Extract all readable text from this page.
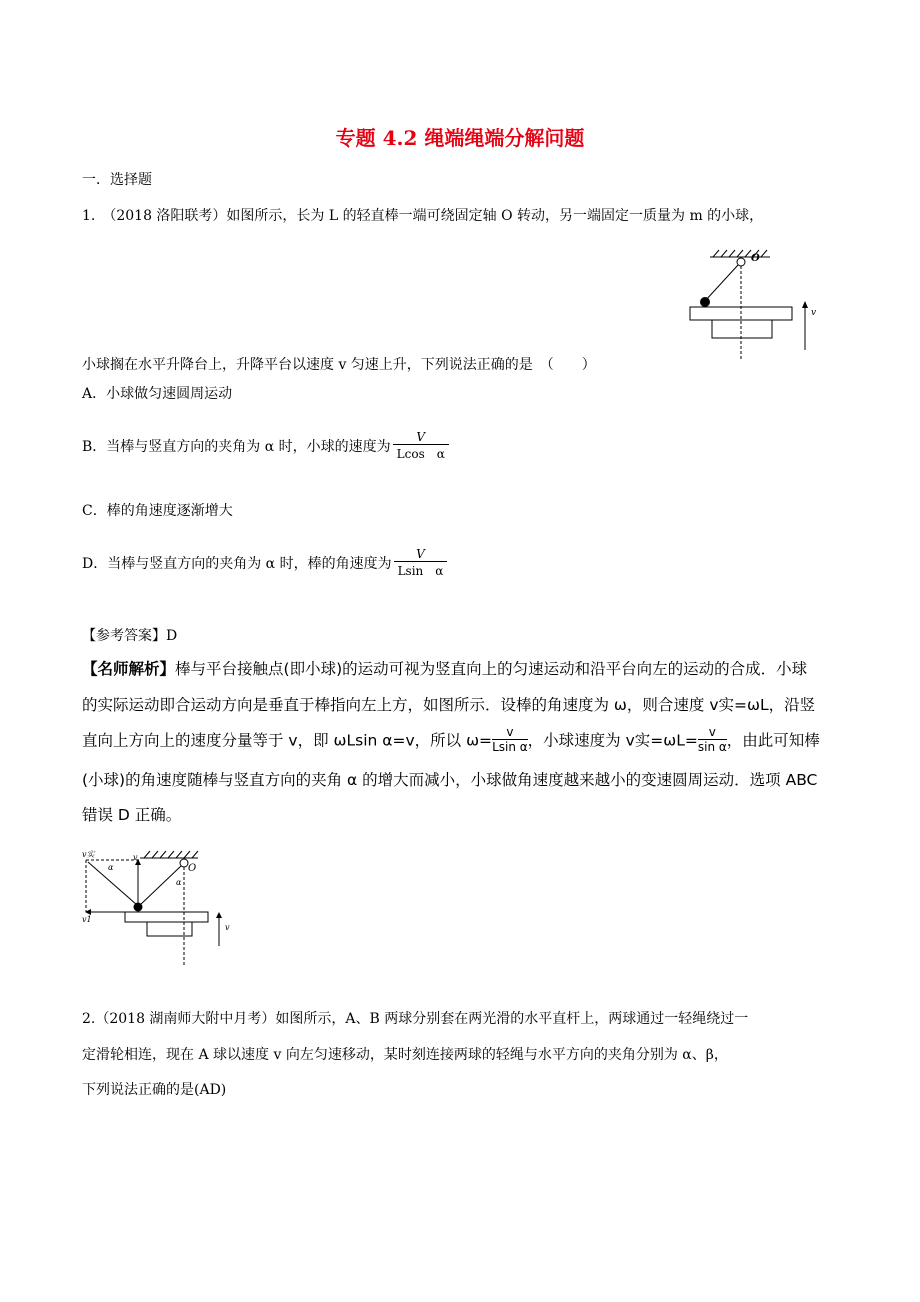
专题 4.2 绳端绳端分解问题
一．选择题
1.　（2018 洛阳联考）如图所示，长为 L 的轻直棒一端可绕固定轴 O 转动，另一端固定一质量为 m 的小球，
O
v
小球搁在水平升降台上，升降平台以速度 v 匀速上升，下列说法正确的是　（　　）
A．小球做匀速圆周运动
B．当棒与竖直方向的夹角为 α 时，小球的速度为 $\frac{V}{\text{Lcos　α}}$
C．棒的角速度逐渐增大
D．当棒与竖直方向的夹角为 α 时，棒的角速度为 $\frac{V}{\text{Lsin　α}}$
【参考答案】D
【名师解析】棒与平台接触点(即小球)的运动可视为竖直向上的匀速运动和沿平台向左的运动的合成．小球
的实际运动即合运动方向是垂直于棒指向左上方，如图所示．设棒的角速度为 ω，则合速度 v实=ωL，沿竖
直向上方向上的速度分量等于 v，即 ωLsin α=v，所以 $\omega= \frac{v}{\text{Lsin α}}$ ，小球速度为 v实$=\omega L= \frac{v}{\text{sin α}}$ ，由此可知棒
(小球)的角速度随棒与竖直方向的夹角 α 的增大而减小，小球做角速度越来越小的变速圆周运动．选项 ABC
错误 D 正确。
v实	v
α
α
O
v1
v
2.（2018 湖南师大附中月考）如图所示，A、B 两球分别套在两光滑的水平直杆上，两球通过一轻绳绕过一
定滑轮相连，现在 A 球以速度 v 向左匀速移动，某时刻连接两球的轻绳与水平方向的夹角分别为 α、β，
下列说法正确的是(AD)
